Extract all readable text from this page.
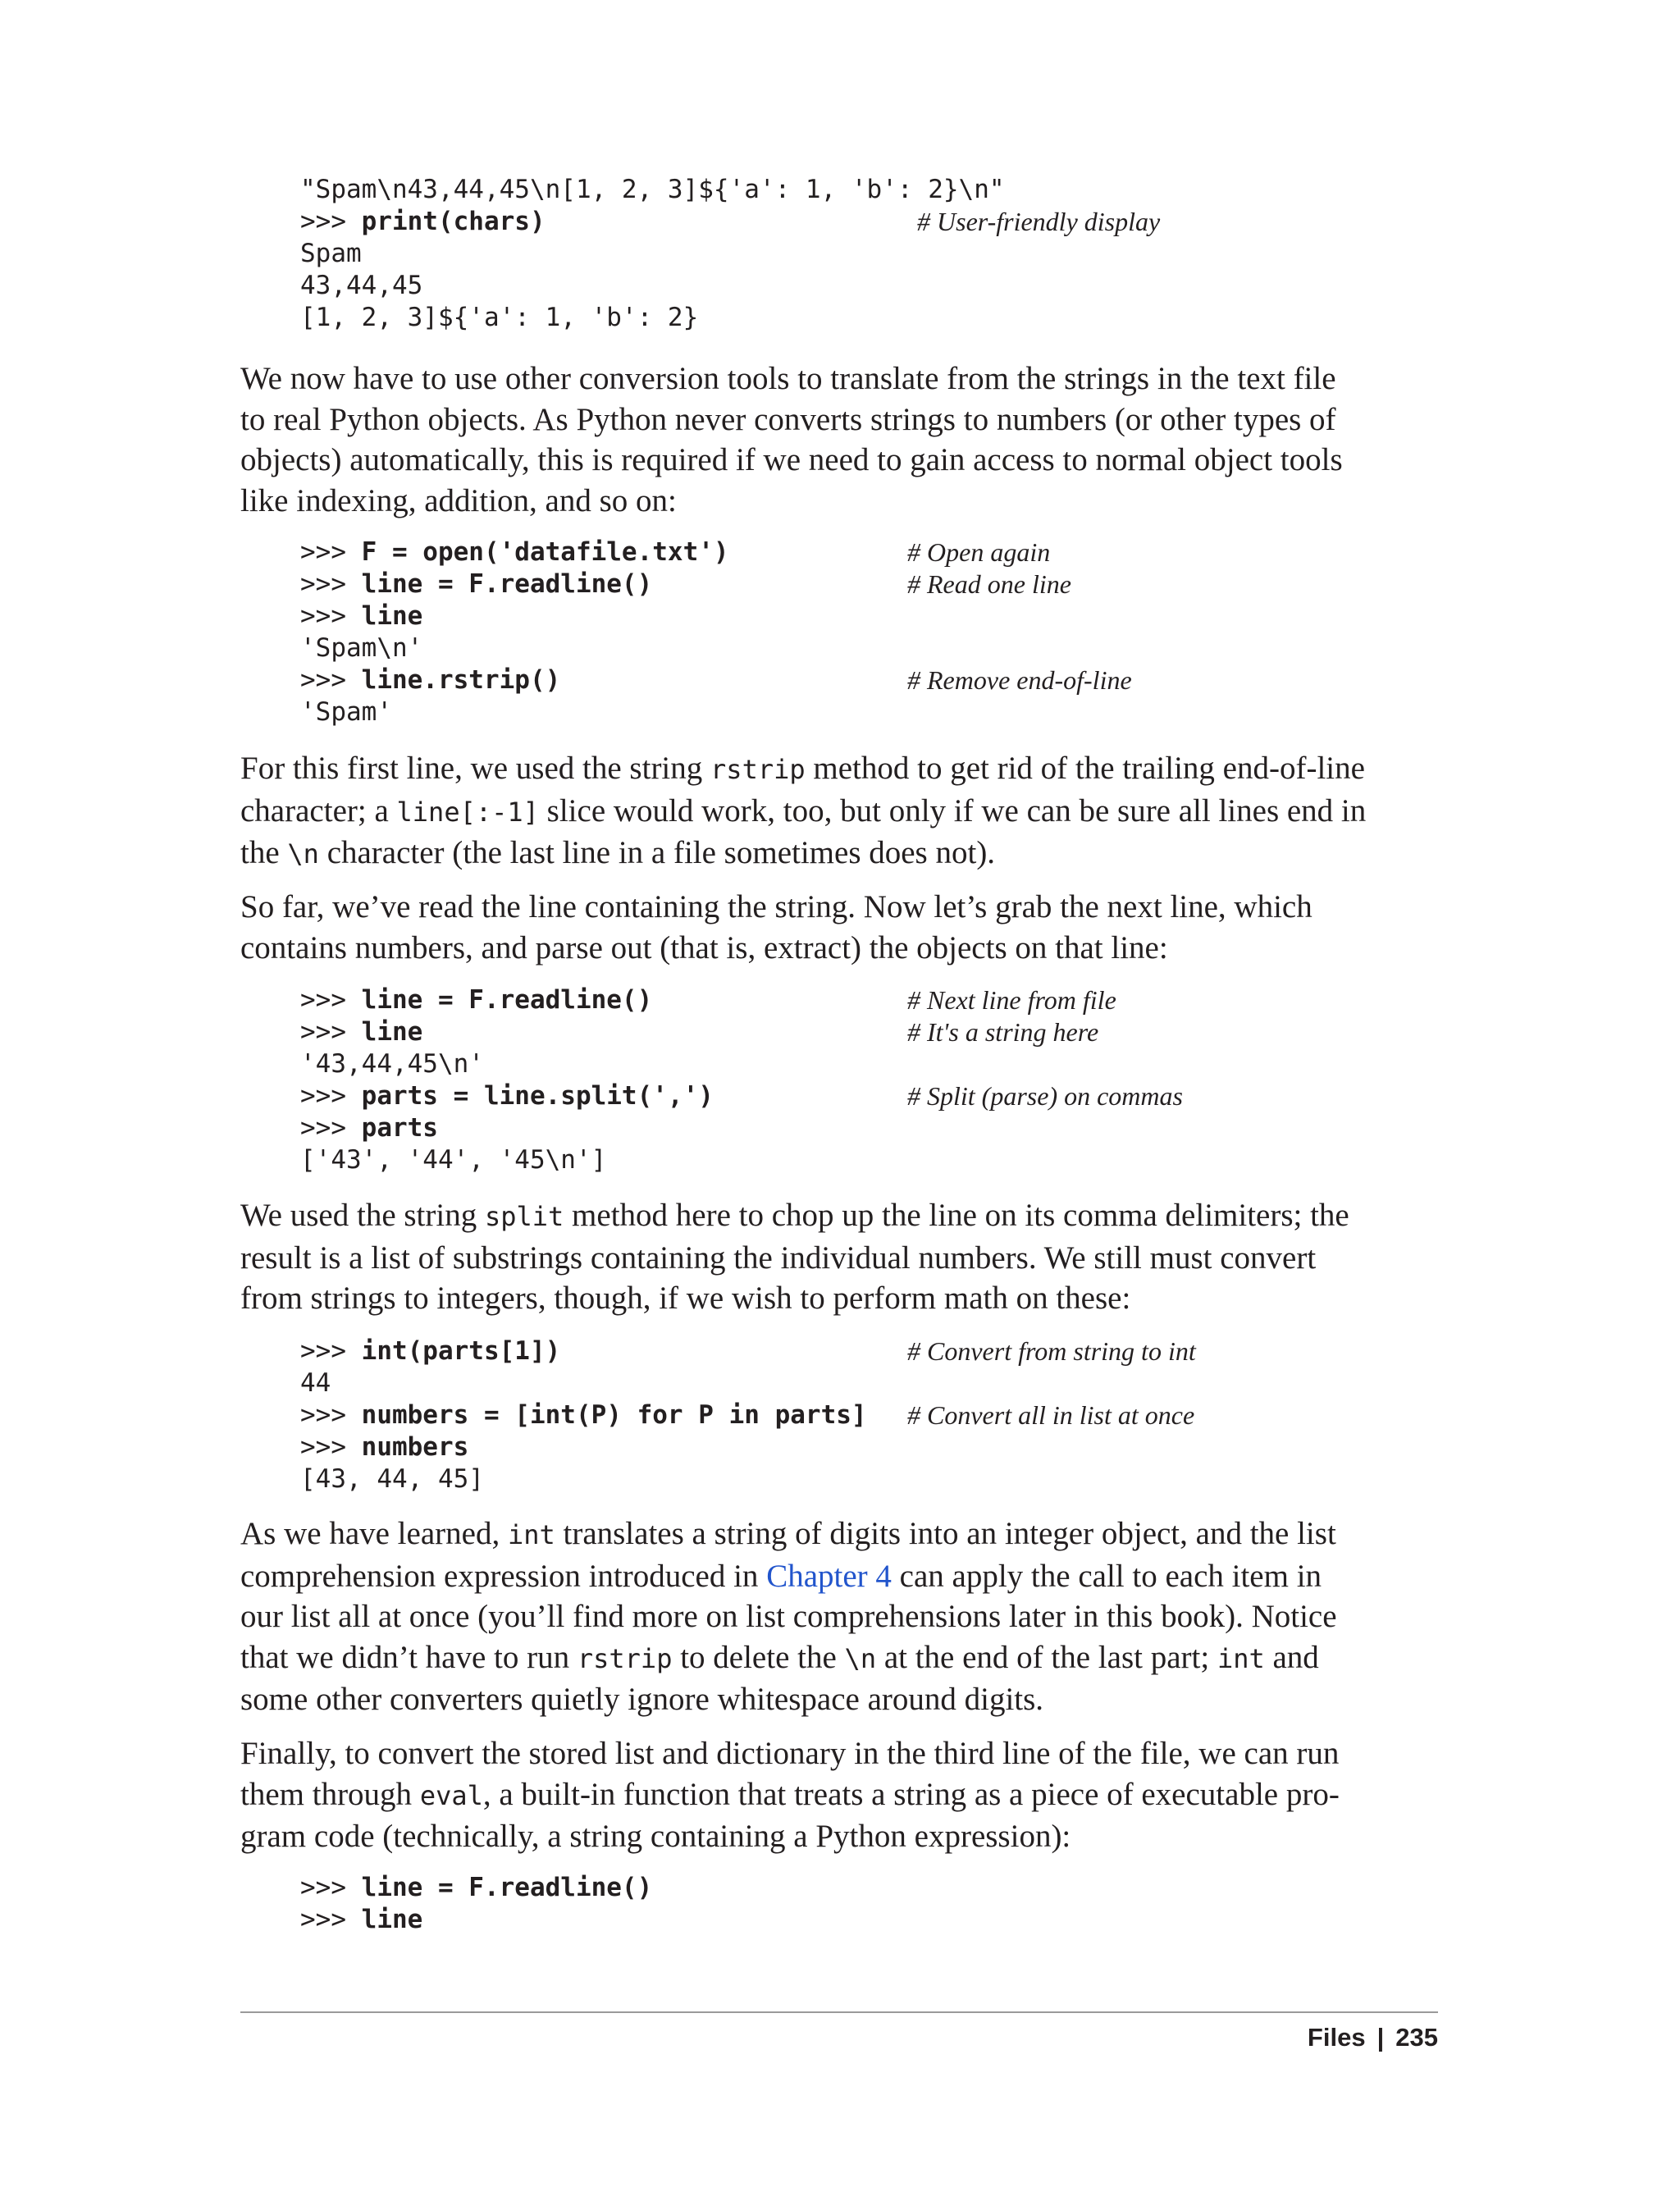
"Spam\n43,44,45\n[1, 2, 3]${'a': 1, 'b': 2}\n"
>>> print(chars)	# User-friendly display
Spam
43,44,45
[1, 2, 3]${'a': 1, 'b': 2}
We now have to use other conversion tools to translate from the strings in the text file
to real Python objects. As Python never converts strings to numbers (or other types of
objects) automatically, this is required if we need to gain access to normal object tools
like indexing, addition, and so on:
>>> F = open('datafile.txt')	# Open again
>>> line = F.readline()	# Read one line
>>> line
'Spam\n'
>>> line.rstrip()	# Remove end-of-line
'Spam'
For this first line, we used the string rstrip method to get rid of the trailing end-of-line
character; a line[:-1] slice would work, too, but only if we can be sure all lines end in
the \n character (the last line in a file sometimes does not).
So far, we’ve read the line containing the string. Now let’s grab the next line, which
contains numbers, and parse out (that is, extract) the objects on that line:
>>> line = F.readline()	# Next line from file
>>> line	# It's a string here
'43,44,45\n'
>>> parts = line.split(',')	# Split (parse) on commas
>>> parts
['43', '44', '45\n']
We used the string split method here to chop up the line on its comma delimiters; the
result is a list of substrings containing the individual numbers. We still must convert
from strings to integers, though, if we wish to perform math on these:
>>> int(parts[1])	# Convert from string to int
44
>>> numbers = [int(P) for P in parts] # Convert all in list at once
>>> numbers
[43, 44, 45]
As we have learned, int translates a string of digits into an integer object, and the list
comprehension expression introduced in Chapter 4 can apply the call to each item in
our list all at once (you’ll find more on list comprehensions later in this book). Notice
that we didn’t have to run rstrip to delete the \n at the end of the last part; int and
some other converters quietly ignore whitespace around digits.
Finally, to convert the stored list and dictionary in the third line of the file, we can run
them through eval, a built-in function that treats a string as a piece of executable pro-
gram code (technically, a string containing a Python expression):
>>> line = F.readline()
>>> line
Files | 235
